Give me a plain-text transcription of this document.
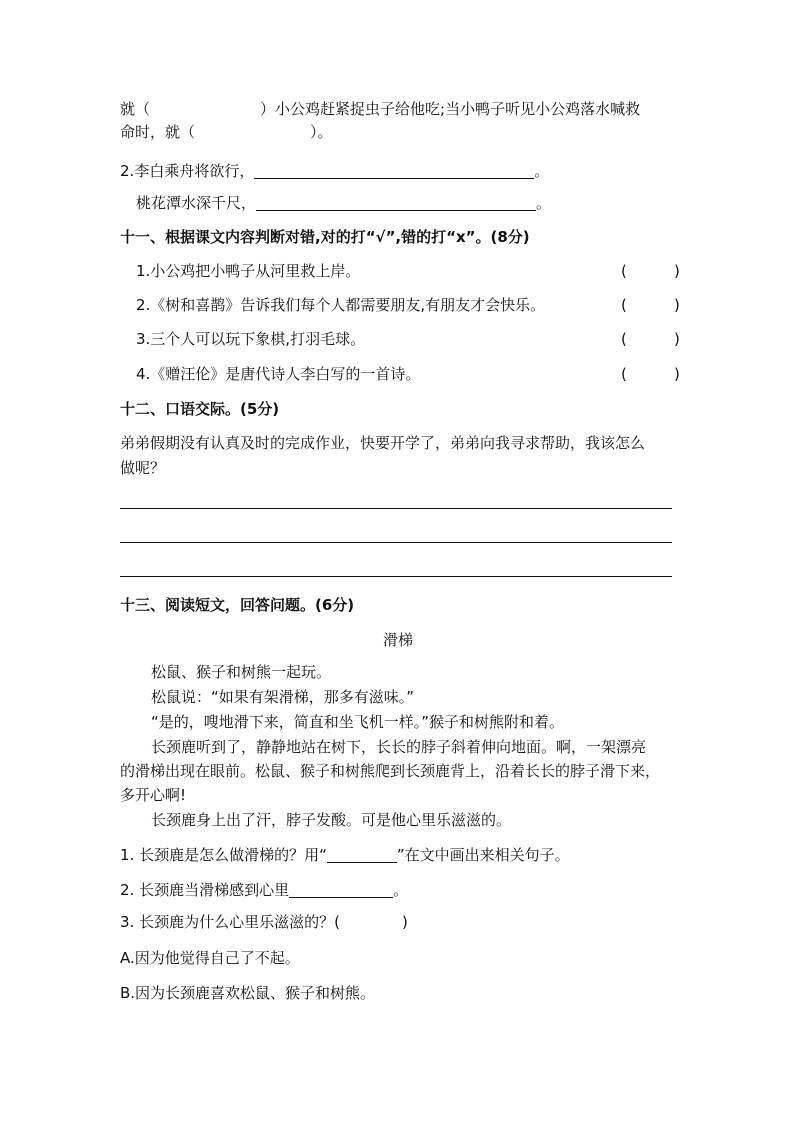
就（	）小公鸡赶紧捉虫子给他吃;当小鸭子听见小公鸡落水喊救
命时，就（	）。
2.李白乘舟将欲行，	。
桃花潭水深千尺，	。
十一、根据课文内容判断对错,对的打“√”,错的打“x”。(8分)
1.小公鸡把小鸭子从河里救上岸。	(	)
2.《树和喜鹊》告诉我们每个人都需要朋友,有朋友才会快乐。	(	)
3.三个人可以玩下象棋,打羽毛球。	(	)
4.《赠汪伦》是唐代诗人李白写的一首诗。	(	)
十二、口语交际。(5分)
弟弟假期没有认真及时的完成作业，快要开学了，弟弟向我寻求帮助，我该怎么
做呢？
十三、阅读短文，回答问题。(6分)
滑梯
松鼠、猴子和树熊一起玩。
松鼠说：“如果有架滑梯，那多有滋味。”
“是的，嗖地滑下来，简直和坐飞机一样。”猴子和树熊附和着。
长颈鹿听到了，静静地站在树下，长长的脖子斜着伸向地面。啊，一架漂亮
的滑梯出现在眼前。松鼠、猴子和树熊爬到长颈鹿背上，沿着长长的脖子滑下来，
多开心啊!
长颈鹿身上出了汗，脖子发酸。可是他心里乐滋滋的。
1. 长颈鹿是怎么做滑梯的？用“	”在文中画出来相关句子。
2. 长颈鹿当滑梯感到心里	。
3. 长颈鹿为什么心里乐滋滋的？(	)
A.因为他觉得自己了不起。
B.因为长颈鹿喜欢松鼠、猴子和树熊。
